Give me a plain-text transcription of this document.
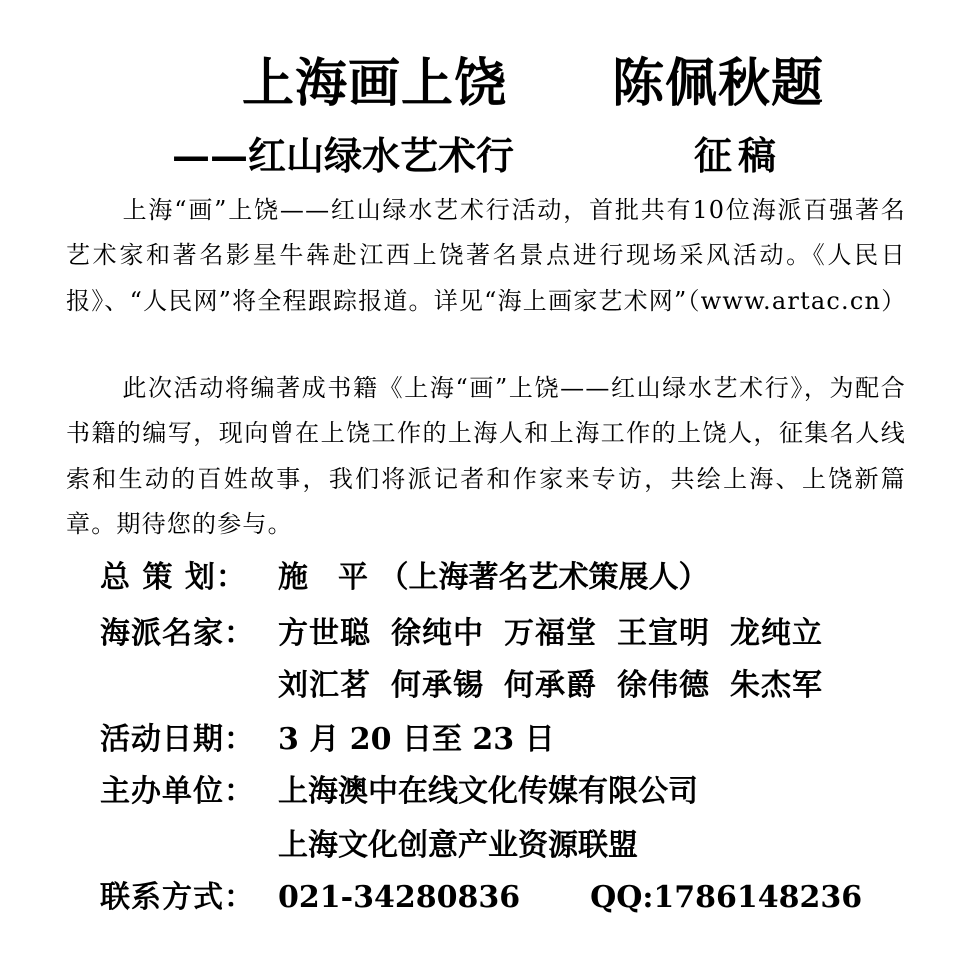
上海画上饶 陈佩秋题
——红山绿水艺术行	征稿

上海“画”上饶——红山绿水艺术行活动，首批共有10位海派百强著名艺术家和著名影星牛犇赴江西上饶著名景点进行现场采风活动。《人民日报》、“人民网”将全程跟踪报道。详见“海上画家艺术网”（www.artac.cn）

此次活动将编著成书籍《上海“画”上饶——红山绿水艺术行》，为配合书籍的编写，现向曾在上饶工作的上海人和上海工作的上饶人，征集名人线索和生动的百姓故事，我们将派记者和作家来专访，共绘上海、上饶新篇章。期待您的参与。

总 策 划： 施　平 （上海著名艺术策展人）
海派名家： 方世聪 徐纯中 万福堂 王宣明 龙纯立
刘汇茗 何承锡 何承爵 徐伟德 朱杰军
活动日期： 3 月 20 日至 23 日
主办单位： 上海澳中在线文化传媒有限公司
上海文化创意产业资源联盟
联系方式： 021-34280836 QQ:1786148236
